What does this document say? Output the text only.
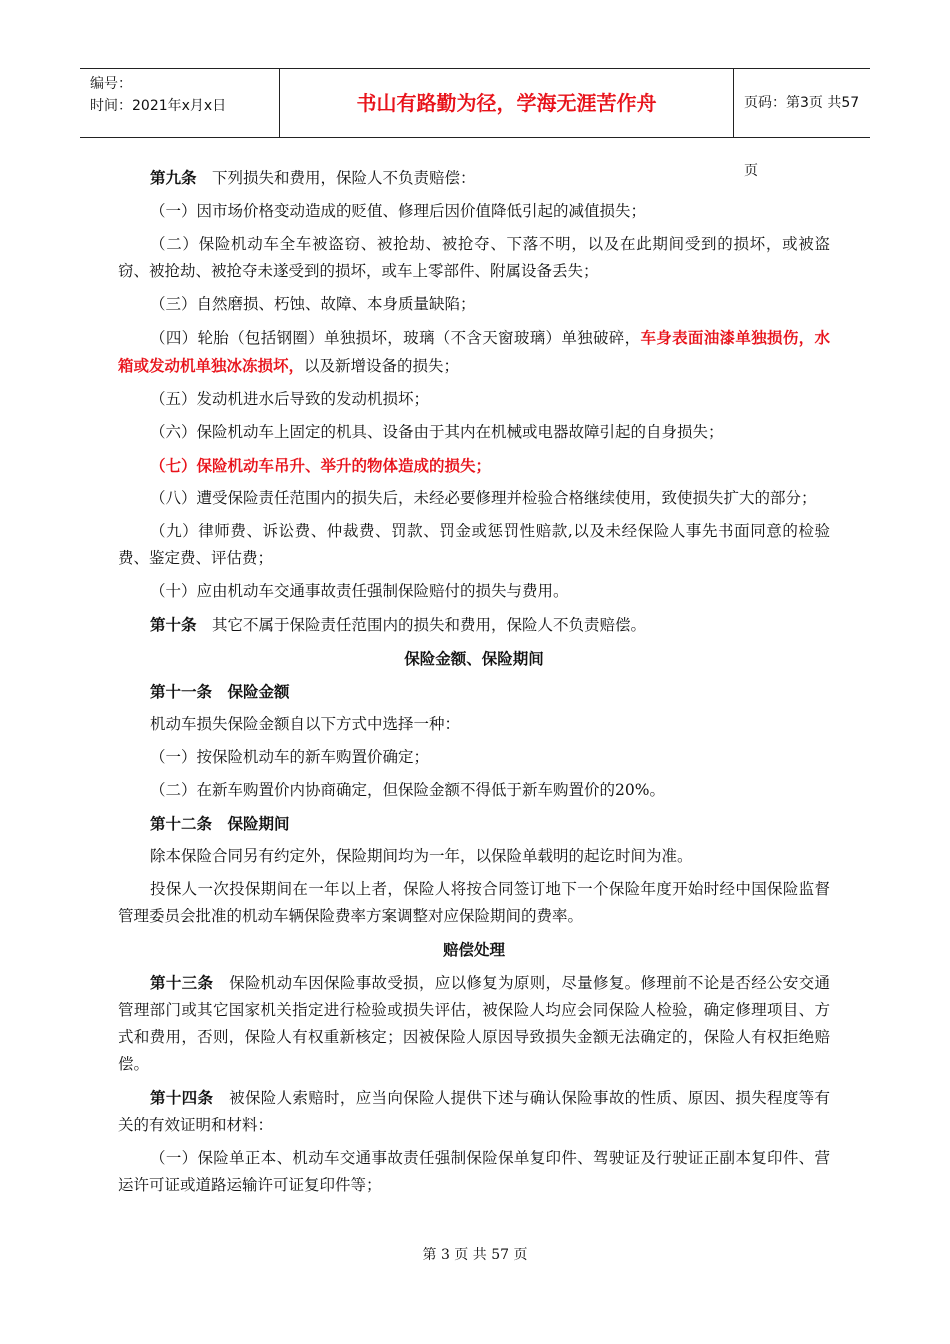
编号：
时间：2021年x月x日	书山有路勤为径，学海无涯苦作舟	页码：第3页 共57页

第九条　 下列损失和费用，保险人不负责赔偿：

（一）因市场价格变动造成的贬值、修理后因价值降低引起的减值损失；

（二）保险机动车全车被盗窃、被抢劫、被抢夺、下落不明，以及在此期间受到的损坏，或被盗窃、被抢劫、被抢夺未遂受到的损坏，或车上零部件、附属设备丢失；

（三）自然磨损、朽蚀、故障、本身质量缺陷；

（四）轮胎（包括钢圈）单独损坏，玻璃（不含天窗玻璃）单独破碎，车身表面油漆单独损伤，水箱或发动机单独冰冻损坏，以及新增设备的损失；

（五）发动机进水后导致的发动机损坏；

（六）保险机动车上固定的机具、设备由于其内在机械或电器故障引起的自身损失；

（七）保险机动车吊升、举升的物体造成的损失；

（八）遭受保险责任范围内的损失后，未经必要修理并检验合格继续使用，致使损失扩大的部分；

（九）律师费、诉讼费、仲裁费、罚款、罚金或惩罚性赔款,以及未经保险人事先书面同意的检验费、鉴定费、评估费；

（十）应由机动车交通事故责任强制保险赔付的损失与费用。

第十条　 其它不属于保险责任范围内的损失和费用，保险人不负责赔偿。

保险金额、保险期间

第十一条　保险金额

机动车损失保险金额自以下方式中选择一种：

（一）按保险机动车的新车购置价确定；

（二）在新车购置价内协商确定，但保险金额不得低于新车购置价的20%。

第十二条　保险期间

除本保险合同另有约定外，保险期间均为一年，以保险单载明的起讫时间为准。

投保人一次投保期间在一年以上者，保险人将按合同签订地下一个保险年度开始时经中国保险监督管理委员会批准的机动车辆保险费率方案调整对应保险期间的费率。

赔偿处理

第十三条　 保险机动车因保险事故受损，应以修复为原则，尽量修复。修理前不论是否经公安交通管理部门或其它国家机关指定进行检验或损失评估，被保险人均应会同保险人检验，确定修理项目、方式和费用，否则，保险人有权重新核定；因被保险人原因导致损失金额无法确定的，保险人有权拒绝赔偿。

第十四条　 被保险人索赔时，应当向保险人提供下述与确认保险事故的性质、原因、损失程度等有关的有效证明和材料：

（一）保险单正本、机动车交通事故责任强制保险保单复印件、驾驶证及行驶证正副本复印件、营运许可证或道路运输许可证复印件等；

第 3 页 共 57 页
